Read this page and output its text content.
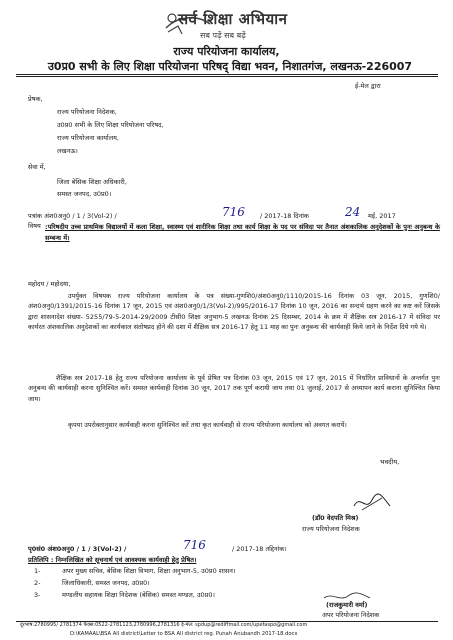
सर्व शिक्षा अभियान
सब पढ़ें सब बढ़ें
राज्य परियोजना कार्यालय,
उ0प्र0 सभी के लिए शिक्षा परियोजना परिषद् विद्या भवन, निशातगंज, लखनऊ-226007
ई-मेल द्वारा
प्रेषक,
राज्य परियोजना निदेशक,
उ0प्र0 सभी के लिए शिक्षा परियोजना परिषद,
राज्य परियोजना कार्यालय,
लखनऊ।
सेवा में,
जिला बेसिक शिक्षा अधिकारी,
समस्त जनपद, उ0प्र0।
पत्रांक अंश0अनु0 / 1 / 3(Vol-2) /	716 / 2017-18 दिनांक	24 मई, 2017
विषय :परिषदीय उच्च प्राथमिक विद्यालयों में कला शिक्षा, स्वास्थ्य एवं शारीरिक शिक्षा तथा कार्य शिक्षा के पद पर संविदा पर तैनात अंशकालिक अनुदेशकों के पुनः अनुबन्ध के सम्बन्ध में।
महोदय / महोदया,
उपर्युक्त विषयक राज्य परियोजना कार्यालय के पत्र संख्या-गुणशि0/अंश0अनु0/1110/2015-16 दिनांक 03 जून, 2015, गुणशि0/अंश0अनु0/1391/2015-16 दिनांक 17 जून, 2015 एवं अंश0अनु0/1/3(Vol-2)/995/2016-17 दिनांक 10 जून, 2016 का सन्दर्भ ग्रहण करने का कष्ट करें जिसके द्वारा शासनादेश संख्या- 5255/79-5-2014-29/2009 टीसी0 शिक्षा अनुभाग-5 लखनऊ दिनांक 25 दिसम्बर, 2014 के क्रम में शैक्षिक सत्र 2016-17 में संविदा पर कार्यरत अंशकालिक अनुदेशकों का कार्यकाल संतोषप्रद होने की दशा में शैक्षिक सत्र 2016-17 हेतु 11 माह का पुनः अनुबन्ध की कार्यवाही किये जाने के निर्देश दिये गये थे।
शैक्षिक सत्र 2017-18 हेतु राज्य परियोजना कार्यालय के पूर्व प्रेषित पत्र दिनांक 03 जून, 2015 एवं 17 जून, 2015 में निर्धारित प्राविधानों के अन्तर्गत पुनः अनुबन्ध की कार्यवाही करना सुनिश्चित करें। समस्त कार्यवाही दिनांक 30 जून, 2017 तक पूर्ण करायी जाय तथा 01 जुलाई, 2017 से अध्यापन कार्य कराना सुनिश्चित किया जाय।
कृपया उपरोक्तानुसार कार्यवाही करना सुनिश्चित करें तथा कृत कार्यवाही से राज्य परियोजना कार्यालय को अवगत करायें।
भवदीय,
(डॉ0 वेदपति मिश्र)
राज्य परियोजना निदेशक
पृ0सं0 अंश0अनु0 / 1 / 3(Vol-2) /	716	/ 2017-18 तद्दिनांक।
प्रतिलिपि : निम्नलिखित को सूचनार्थ एवं आवश्यक कार्यवाही हेतु प्रेषित।
1-	अपर मुख्य सचिव, बेसिक शिक्षा विभाग, शिक्षा अनुभाग-5, उ0प्र0 शासन।
2-	जिलाधिकारी, समस्त जनपद, उ0प्र0।
3-	मण्डलीय सहायक शिक्षा निदेशक (बेसिक) समस्त मण्डल, उ0प्र0।
(राजकुमारी वर्मा)
अपर परियोजना निदेशक
दूरभाष:2780995/ 2781374 फैक्स:0522-2781123,2780996,2781316 ई-मेल: spdup@rediffmail.com/upefaspo@gmail.com
D:\KAMAAL\BSA All district\Letter to BSA All district reg. Punah Anubandh 2017-18.docx
